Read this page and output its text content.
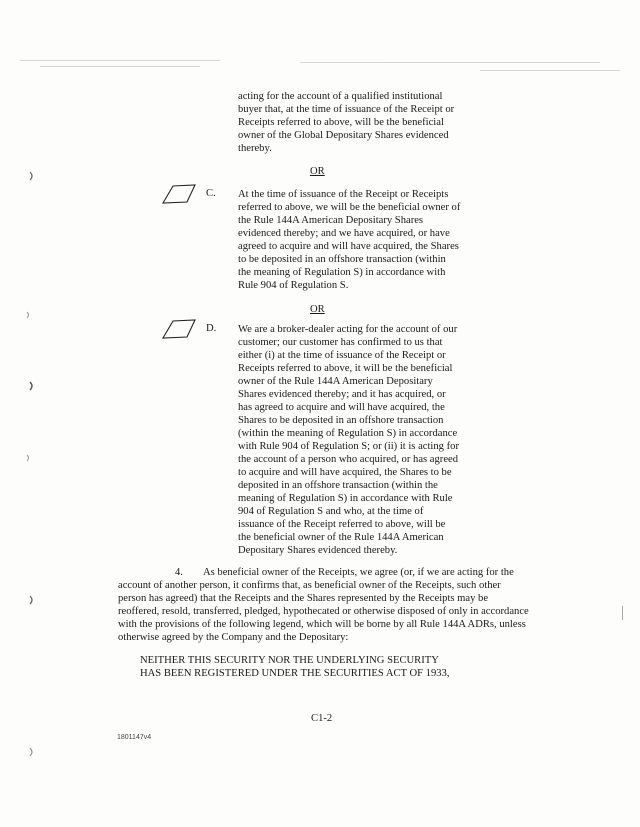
acting for the account of a qualified institutional
buyer that, at the time of issuance of the Receipt or
Receipts referred to above, will be the beneficial
owner of the Global Depositary Shares evidenced
thereby.

OR
C. At the time of issuance of the Receipt or Receipts
referred to above, we will be the beneficial owner of
the Rule 144A American Depositary Shares
evidenced thereby; and we have acquired, or have
agreed to acquire and will have acquired, the Shares
to be deposited in an offshore transaction (within
the meaning of Regulation S) in accordance with
Rule 904 of Regulation S.

OR
D. We are a broker-dealer acting for the account of our
customer; our customer has confirmed to us that
either (i) at the time of issuance of the Receipt or
Receipts referred to above, it will be the beneficial
owner of the Rule 144A American Depositary
Shares evidenced thereby; and it has acquired, or
has agreed to acquire and will have acquired, the
Shares to be deposited in an offshore transaction
(within the meaning of Regulation S) in accordance
with Rule 904 of Regulation S; or (ii) it is acting for
the account of a person who acquired, or has agreed
to acquire and will have acquired, the Shares to be
deposited in an offshore transaction (within the
meaning of Regulation S) in accordance with Rule
904 of Regulation S and who, at the time of
issuance of the Receipt referred to above, will be
the beneficial owner of the Rule 144A American
Depositary Shares evidenced thereby.

4. As beneficial owner of the Receipts, we agree (or, if we are acting for the
account of another person, it confirms that, as beneficial owner of the Receipts, such other
person has agreed) that the Receipts and the Shares represented by the Receipts may be
reoffered, resold, transferred, pledged, hypothecated or otherwise disposed of only in accordance
with the provisions of the following legend, which will be borne by all Rule 144A ADRs, unless
otherwise agreed by the Company and the Depositary:

NEITHER THIS SECURITY NOR THE UNDERLYING SECURITY
HAS BEEN REGISTERED UNDER THE SECURITIES ACT OF 1933,

C1-2
1801147v4
